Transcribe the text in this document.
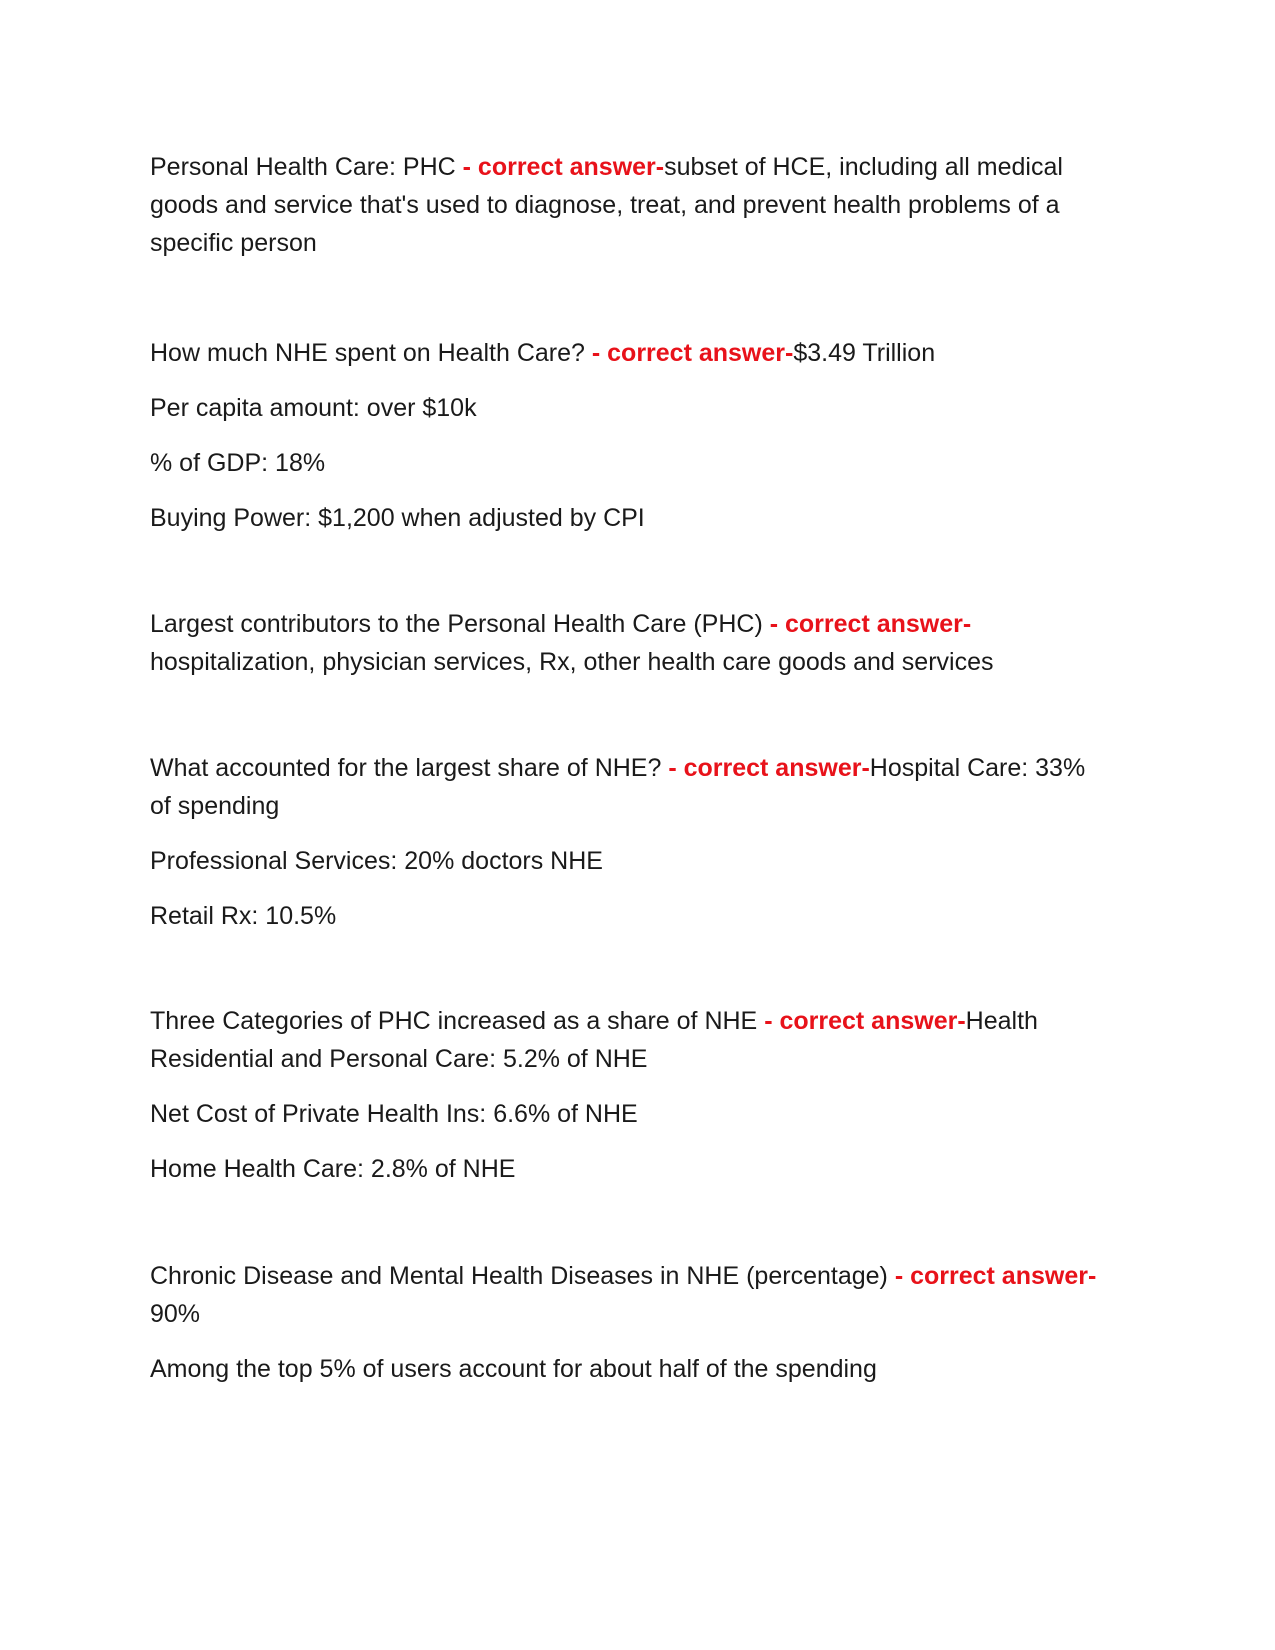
Personal Health Care: PHC - correct answer-subset of HCE, including all medical goods and service that's used to diagnose, treat, and prevent health problems of a specific person

How much NHE spent on Health Care? - correct answer-$3.49 Trillion

Per capita amount: over $10k

% of GDP: 18%

Buying Power: $1,200 when adjusted by CPI

Largest contributors to the Personal Health Care (PHC) - correct answer-
hospitalization, physician services, Rx, other health care goods and services

What accounted for the largest share of NHE? - correct answer-Hospital Care: 33% of spending

Professional Services: 20% doctors NHE

Retail Rx: 10.5%

Three Categories of PHC increased as a share of NHE - correct answer-Health Residential and Personal Care: 5.2% of NHE

Net Cost of Private Health Ins: 6.6% of NHE

Home Health Care: 2.8% of NHE

Chronic Disease and Mental Health Diseases in NHE (percentage) - correct answer-90%

Among the top 5% of users account for about half of the spending
